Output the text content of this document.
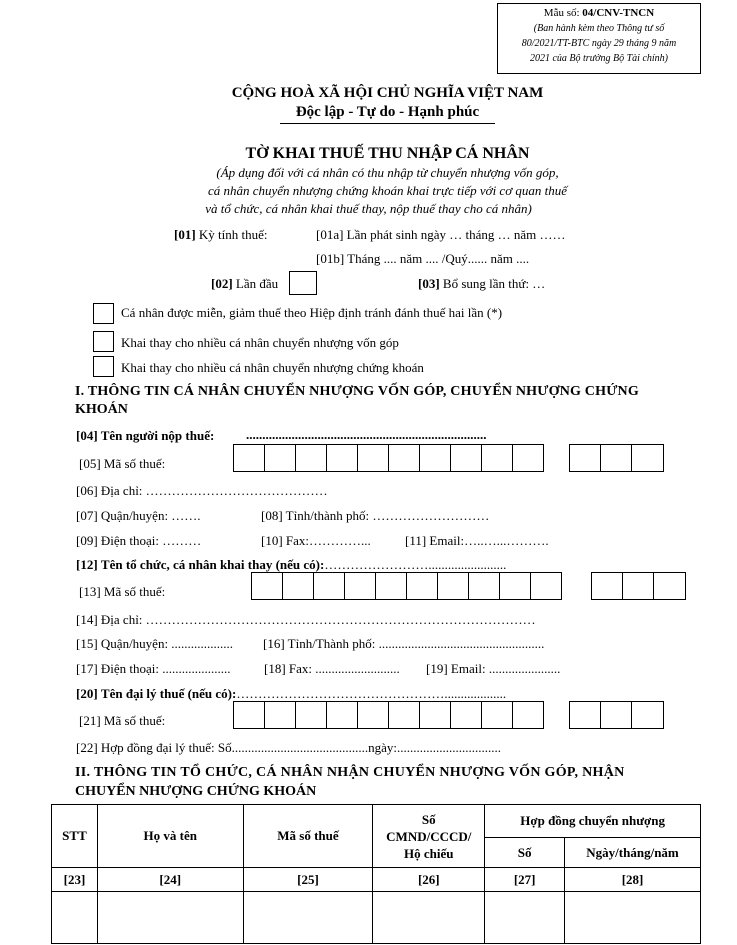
Mẫu số: 04/CNV-TNCN
(Ban hành kèm theo Thông tư số
80/2021/TT-BTC ngày 29 tháng 9 năm
2021 của Bộ trưởng Bộ Tài chính)
CỘNG HOÀ XÃ HỘI CHỦ NGHĨA VIỆT NAM
Độc lập - Tự do - Hạnh phúc
TỜ KHAI THUẾ THU NHẬP CÁ NHÂN
(Áp dụng đối với cá nhân có thu nhập từ chuyển nhượng vốn góp,
cá nhân chuyển nhượng chứng khoán khai trực tiếp với cơ quan thuế
và tổ chức, cá nhân khai thuế thay, nộp thuế thay cho cá nhân)
[01] Kỳ tính thuế:	[01a] Lần phát sinh ngày … tháng … năm ……
[01b] Tháng .... năm .... /Quý...... năm ....
[02] Lần đầu	[03] Bổ sung lần thứ: …
Cá nhân được miễn, giảm thuế theo Hiệp định tránh đánh thuế hai lần (*)
Khai thay cho nhiều cá nhân chuyển nhượng vốn góp
Khai thay cho nhiều cá nhân chuyển nhượng chứng khoán
I. THÔNG TIN CÁ NHÂN CHUYỂN NHƯỢNG VỐN GÓP, CHUYỂN NHƯỢNG CHỨNG
KHOÁN
[04] Tên người nộp thuế: ..........................................................................
[05] Mã số thuế:
[06] Địa chỉ: ……………………………………
[07] Quận/huyện: …….	[08] Tỉnh/thành phố: ………………………
[09] Điện thoại: ………	[10] Fax:…………...	[11] Email:…..…...……….
[12] Tên tổ chức, cá nhân khai thay (nếu có):……………………........................
[13] Mã số thuế:
[14] Địa chỉ: ………………………………………………………………………………
[15] Quận/huyện: ................... [16] Tỉnh/Thành phố: ...................................................
[17] Điện thoại: .....................	[18] Fax: .......................... [19] Email: ......................
[20] Tên đại lý thuế (nếu có):…………………………………………...................
[21] Mã số thuế:
[22] Hợp đồng đại lý thuế: Số..........................................ngày:................................
II. THÔNG TIN TỔ CHỨC, CÁ NHÂN NHẬN CHUYỂN NHƯỢNG VỐN GÓP, NHẬN
CHUYỂN NHƯỢNG CHỨNG KHOÁN
STT	Họ và tên	Mã số thuế	Số
CMND/CCCD/
Hộ chiếu	Hợp đồng chuyển nhượng	
				Số	Ngày/tháng/năm
[23]	[24]	[25]	[26]	[27]	[28]
